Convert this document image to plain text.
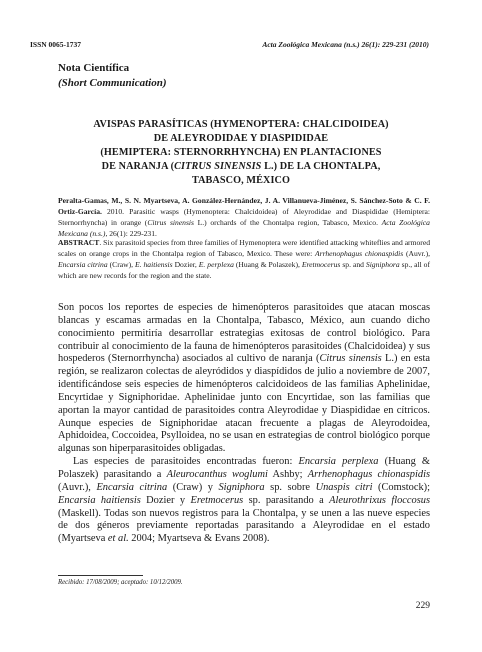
ISSN 0065-1737	Acta Zoológica Mexicana (n.s.) 26(1): 229-231 (2010)
Nota Científica
(Short Communication)
AVISPAS PARASÍTICAS (HYMENOPTERA: CHALCIDOIDEA)
DE ALEYRODIDAE Y DIASPIDIDAE
(HEMIPTERA: STERNORRHYNCHA) EN PLANTACIONES
DE NARANJA (CITRUS SINENSIS L.) DE LA CHONTALPA,
TABASCO, MÉXICO
Peralta-Gamas, M., S. N. Myartseva, A. González-Hernández, J. A. Villanueva-Jiménez, S. Sánchez-Soto & C. F. Ortiz-García. 2010. Parasitic wasps (Hymenoptera: Chalcidoidea) of Aleyrodidae and Diaspididae (Hemiptera: Sternorrhyncha) in orange (Citrus sinensis L.) orchards of the Chontalpa region, Tabasco, Mexico. Acta Zoológica Mexicana (n.s.), 26(1): 229-231.
ABSTRACT. Six parasitoid species from three families of Hymenoptera were identified attacking whiteflies and armored scales on orange crops in the Chontalpa region of Tabasco, Mexico. These were: Arrhenophagus chionaspidis (Auvr.), Encarsia citrina (Craw), E. haitiensis Dozier, E. perplexa (Huang & Polaszek), Eretmocerus sp. and Signiphora sp., all of which are new records for the region and the state.

Son pocos los reportes de especies de himenópteros parasitoides que atacan moscas blancas y escamas armadas en la Chontalpa, Tabasco, México, aun cuando dicho conocimiento permitiría desarrollar estrategias exitosas de control biológico. Para contribuir al conocimiento de la fauna de himenópteros parasitoides (Chalcidoidea) y sus hospederos (Sternorrhyncha) asociados al cultivo de naranja (Citrus sinensis L.) en esta región, se realizaron colectas de aleyródidos y diaspídidos de julio a noviembre de 2007, identificándose seis especies de himenópteros calcidoideos de las familias Aphelinidae, Encyrtidae y Signiphoridae. Aphelinidae junto con Encyrtidae, son las familias que aportan la mayor cantidad de parasitoides contra Aleyrodidae y Diaspididae en cítricos. Aunque especies de Signiphoridae atacan frecuente a plagas de Aleyrodoidea, Aphidoidea, Coccoidea, Psylloidea, no se usan en estrategias de control biológico porque algunas son hiperparasitoides obligadas.

Las especies de parasitoides encontradas fueron: Encarsia perplexa (Huang & Polaszek) parasitando a Aleurocanthus woglumi Ashby; Arrhenophagus chionaspidis (Auvr.), Encarsia citrina (Craw) y Signiphora sp. sobre Unaspis citri (Comstock); Encarsia haitiensis Dozier y Eretmocerus sp. parasitando a Aleurothrixus floccosus (Maskell). Todas son nuevos registros para la Chontalpa, y se unen a las nueve especies de dos géneros previamente reportadas parasitando a Aleyrodidae en el estado (Myartseva et al. 2004; Myartseva & Evans 2008).

Recibido: 17/08/2009; aceptado: 10/12/2009.
229
